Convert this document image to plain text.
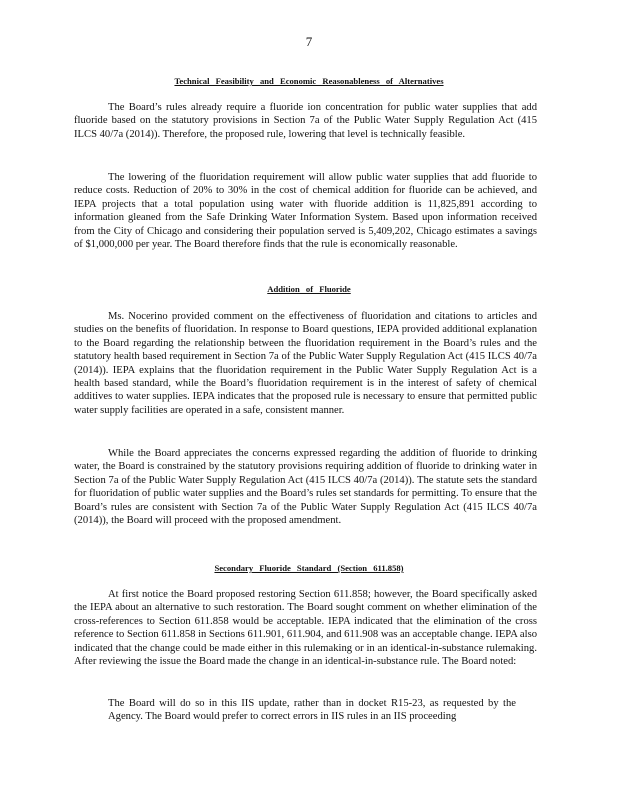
7
Technical Feasibility and Economic Reasonableness of Alternatives

The Board’s rules already require a fluoride ion concentration for public water supplies that add fluoride based on the statutory provisions in Section 7a of the Public Water Supply Regulation Act (415 ILCS 40/7a (2014)). Therefore, the proposed rule, lowering that level is technically feasible.

The lowering of the fluoridation requirement will allow public water supplies that add fluoride to reduce costs. Reduction of 20% to 30% in the cost of chemical addition for fluoride can be achieved, and IEPA projects that a total population using water with fluoride addition is 11,825,891 according to information gleaned from the Safe Drinking Water Information System. Based upon information received from the City of Chicago and considering their population served is 5,409,202, Chicago estimates a savings of $1,000,000 per year. The Board therefore finds that the rule is economically reasonable.

Addition of Fluoride

Ms. Nocerino provided comment on the effectiveness of fluoridation and citations to articles and studies on the benefits of fluoridation. In response to Board questions, IEPA provided additional explanation to the Board regarding the relationship between the fluoridation requirement in the Board’s rules and the statutory health based requirement in Section 7a of the Public Water Supply Regulation Act (415 ILCS 40/7a (2014)). IEPA explains that the fluoridation requirement in the Public Water Supply Regulation Act is a health based standard, while the Board’s fluoridation requirement is in the interest of safety of chemical additives to water supplies. IEPA indicates that the proposed rule is necessary to ensure that permitted public water supply facilities are operated in a safe, consistent manner.

While the Board appreciates the concerns expressed regarding the addition of fluoride to drinking water, the Board is constrained by the statutory provisions requiring addition of fluoride to drinking water in Section 7a of the Public Water Supply Regulation Act (415 ILCS 40/7a (2014)). The statute sets the standard for fluoridation of public water supplies and the Board’s rules set standards for permitting. To ensure that the Board’s rules are consistent with Section 7a of the Public Water Supply Regulation Act (415 ILCS 40/7a (2014)), the Board will proceed with the proposed amendment.

Secondary Fluoride Standard (Section 611.858)

At first notice the Board proposed restoring Section 611.858; however, the Board specifically asked the IEPA about an alternative to such restoration. The Board sought comment on whether elimination of the cross-references to Section 611.858 would be acceptable. IEPA indicated that the elimination of the cross reference to Section 611.858 in Sections 611.901, 611.904, and 611.908 was an acceptable change. IEPA also indicated that the change could be made either in this rulemaking or in an identical-in-substance rulemaking. After reviewing the issue the Board made the change in an identical-in-substance rule. The Board noted:

The Board will do so in this IIS update, rather than in docket R15-23, as requested by the Agency. The Board would prefer to correct errors in IIS rules in an IIS proceeding
